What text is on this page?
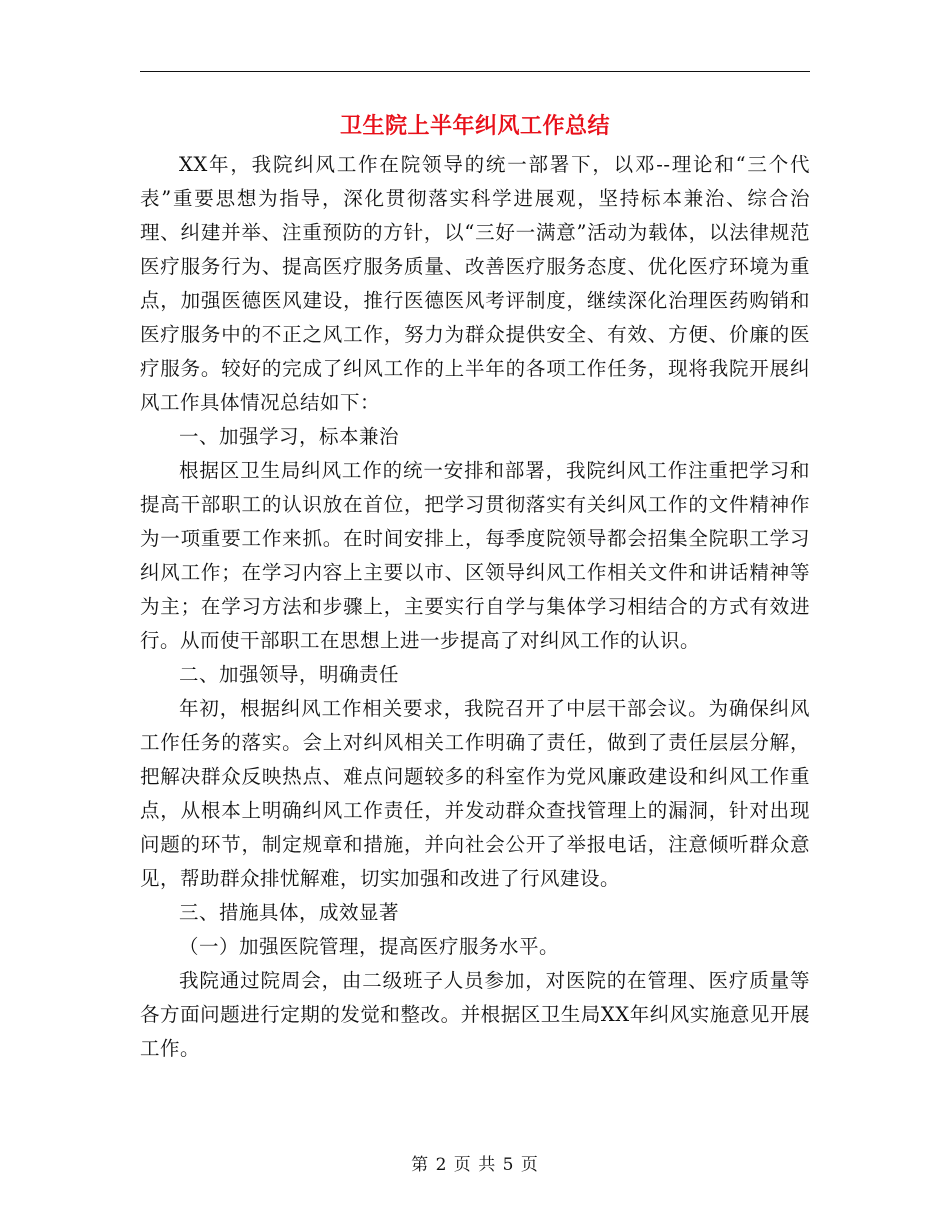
卫生院上半年纠风工作总结

XX年，我院纠风工作在院领导的统一部署下，以邓--理论和“三个代表”重要思想为指导，深化贯彻落实科学进展观，坚持标本兼治、综合治理、纠建并举、注重预防的方针，以“三好一满意”活动为载体，以法律规范医疗服务行为、提高医疗服务质量、改善医疗服务态度、优化医疗环境为重点，加强医德医风建设，推行医德医风考评制度，继续深化治理医药购销和医疗服务中的不正之风工作，努力为群众提供安全、有效、方便、价廉的医疗服务。较好的完成了纠风工作的上半年的各项工作任务，现将我院开展纠风工作具体情况总结如下：

一、加强学习，标本兼治

根据区卫生局纠风工作的统一安排和部署，我院纠风工作注重把学习和提高干部职工的认识放在首位，把学习贯彻落实有关纠风工作的文件精神作为一项重要工作来抓。在时间安排上，每季度院领导都会招集全院职工学习纠风工作；在学习内容上主要以市、区领导纠风工作相关文件和讲话精神等为主；在学习方法和步骤上，主要实行自学与集体学习相结合的方式有效进行。从而使干部职工在思想上进一步提高了对纠风工作的认识。

二、加强领导，明确责任

年初，根据纠风工作相关要求，我院召开了中层干部会议。为确保纠风工作任务的落实。会上对纠风相关工作明确了责任，做到了责任层层分解，把解决群众反映热点、难点问题较多的科室作为党风廉政建设和纠风工作重点，从根本上明确纠风工作责任，并发动群众查找管理上的漏洞，针对出现问题的环节，制定规章和措施，并向社会公开了举报电话，注意倾听群众意见，帮助群众排忧解难，切实加强和改进了行风建设。

三、措施具体，成效显著

（一）加强医院管理，提高医疗服务水平。

我院通过院周会，由二级班子人员参加，对医院的在管理、医疗质量等各方面问题进行定期的发觉和整改。并根据区卫生局XX年纠风实施意见开展工作。

第 2 页 共 5 页
